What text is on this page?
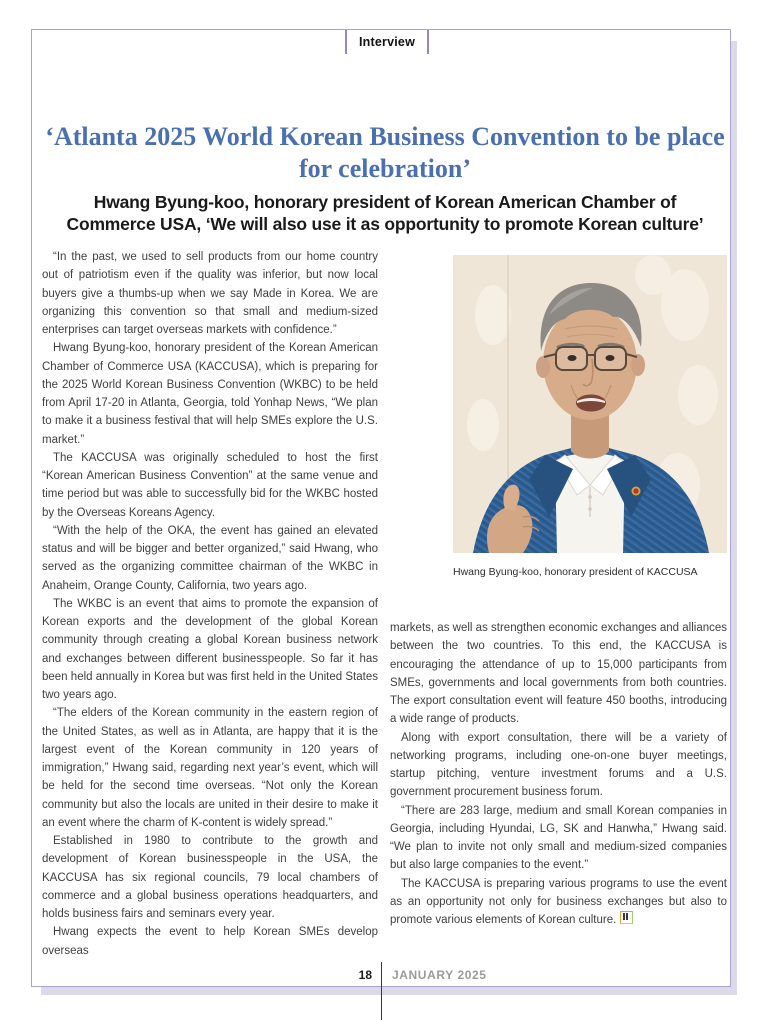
Interview
‘Atlanta 2025 World Korean Business Convention to be place
for celebration’
Hwang Byung-koo, honorary president of Korean American Chamber of Commerce USA, ‘We will also use it as opportunity to promote Korean culture’

“In the past, we used to sell products from our home country out of patriotism even if the quality was inferior, but now local buyers give a thumbs-up when we say Made in Korea. We are organizing this convention so that small and medium-sized enterprises can target overseas markets with confidence.”

Hwang Byung-koo, honorary president of the Korean American Chamber of Commerce USA (KACCUSA), which is preparing for the 2025 World Korean Business Convention (WKBC) to be held from April 17-20 in Atlanta, Georgia, told Yonhap News, “We plan to make it a business festival that will help SMEs explore the U.S. market.”

The KACCUSA was originally scheduled to host the first “Korean American Business Convention” at the same venue and time period but was able to successfully bid for the WKBC hosted by the Overseas Koreans Agency.

“With the help of the OKA, the event has gained an elevated status and will be bigger and better organized,” said Hwang, who served as the organizing committee chairman of the WKBC in Anaheim, Orange County, California, two years ago.

The WKBC is an event that aims to promote the expansion of Korean exports and the development of the global Korean community through creating a global Korean business network and exchanges between different businesspeople. So far it has been held annually in Korea but was first held in the United States two years ago.

“The elders of the Korean community in the eastern region of the United States, as well as in Atlanta, are happy that it is the largest event of the Korean community in 120 years of immigration,” Hwang said, regarding next year’s event, which will be held for the second time overseas. “Not only the Korean community but also the locals are united in their desire to make it an event where the charm of K-content is widely spread.”

Established in 1980 to contribute to the growth and development of Korean businesspeople in the USA, the KACCUSA has six regional councils, 79 local chambers of commerce and a global business operations headquarters, and holds business fairs and seminars every year.

Hwang expects the event to help Korean SMEs develop overseas

Hwang Byung-koo, honorary president of KACCUSA

markets, as well as strengthen economic exchanges and alliances between the two countries. To this end, the KACCUSA is encouraging the attendance of up to 15,000 participants from SMEs, governments and local governments from both countries. The export consultation event will feature 450 booths, introducing a wide range of products.

Along with export consultation, there will be a variety of networking programs, including one-on-one buyer meetings, startup pitching, venture investment forums and a U.S. government procurement business forum.

“There are 283 large, medium and small Korean companies in Georgia, including Hyundai, LG, SK and Hanwha,” Hwang said. “We plan to invite not only small and medium-sized companies but also large companies to the event.”

The KACCUSA is preparing various programs to use the event as an opportunity not only for business exchanges but also to promote various elements of Korean culture.

18 JANUARY 2025
